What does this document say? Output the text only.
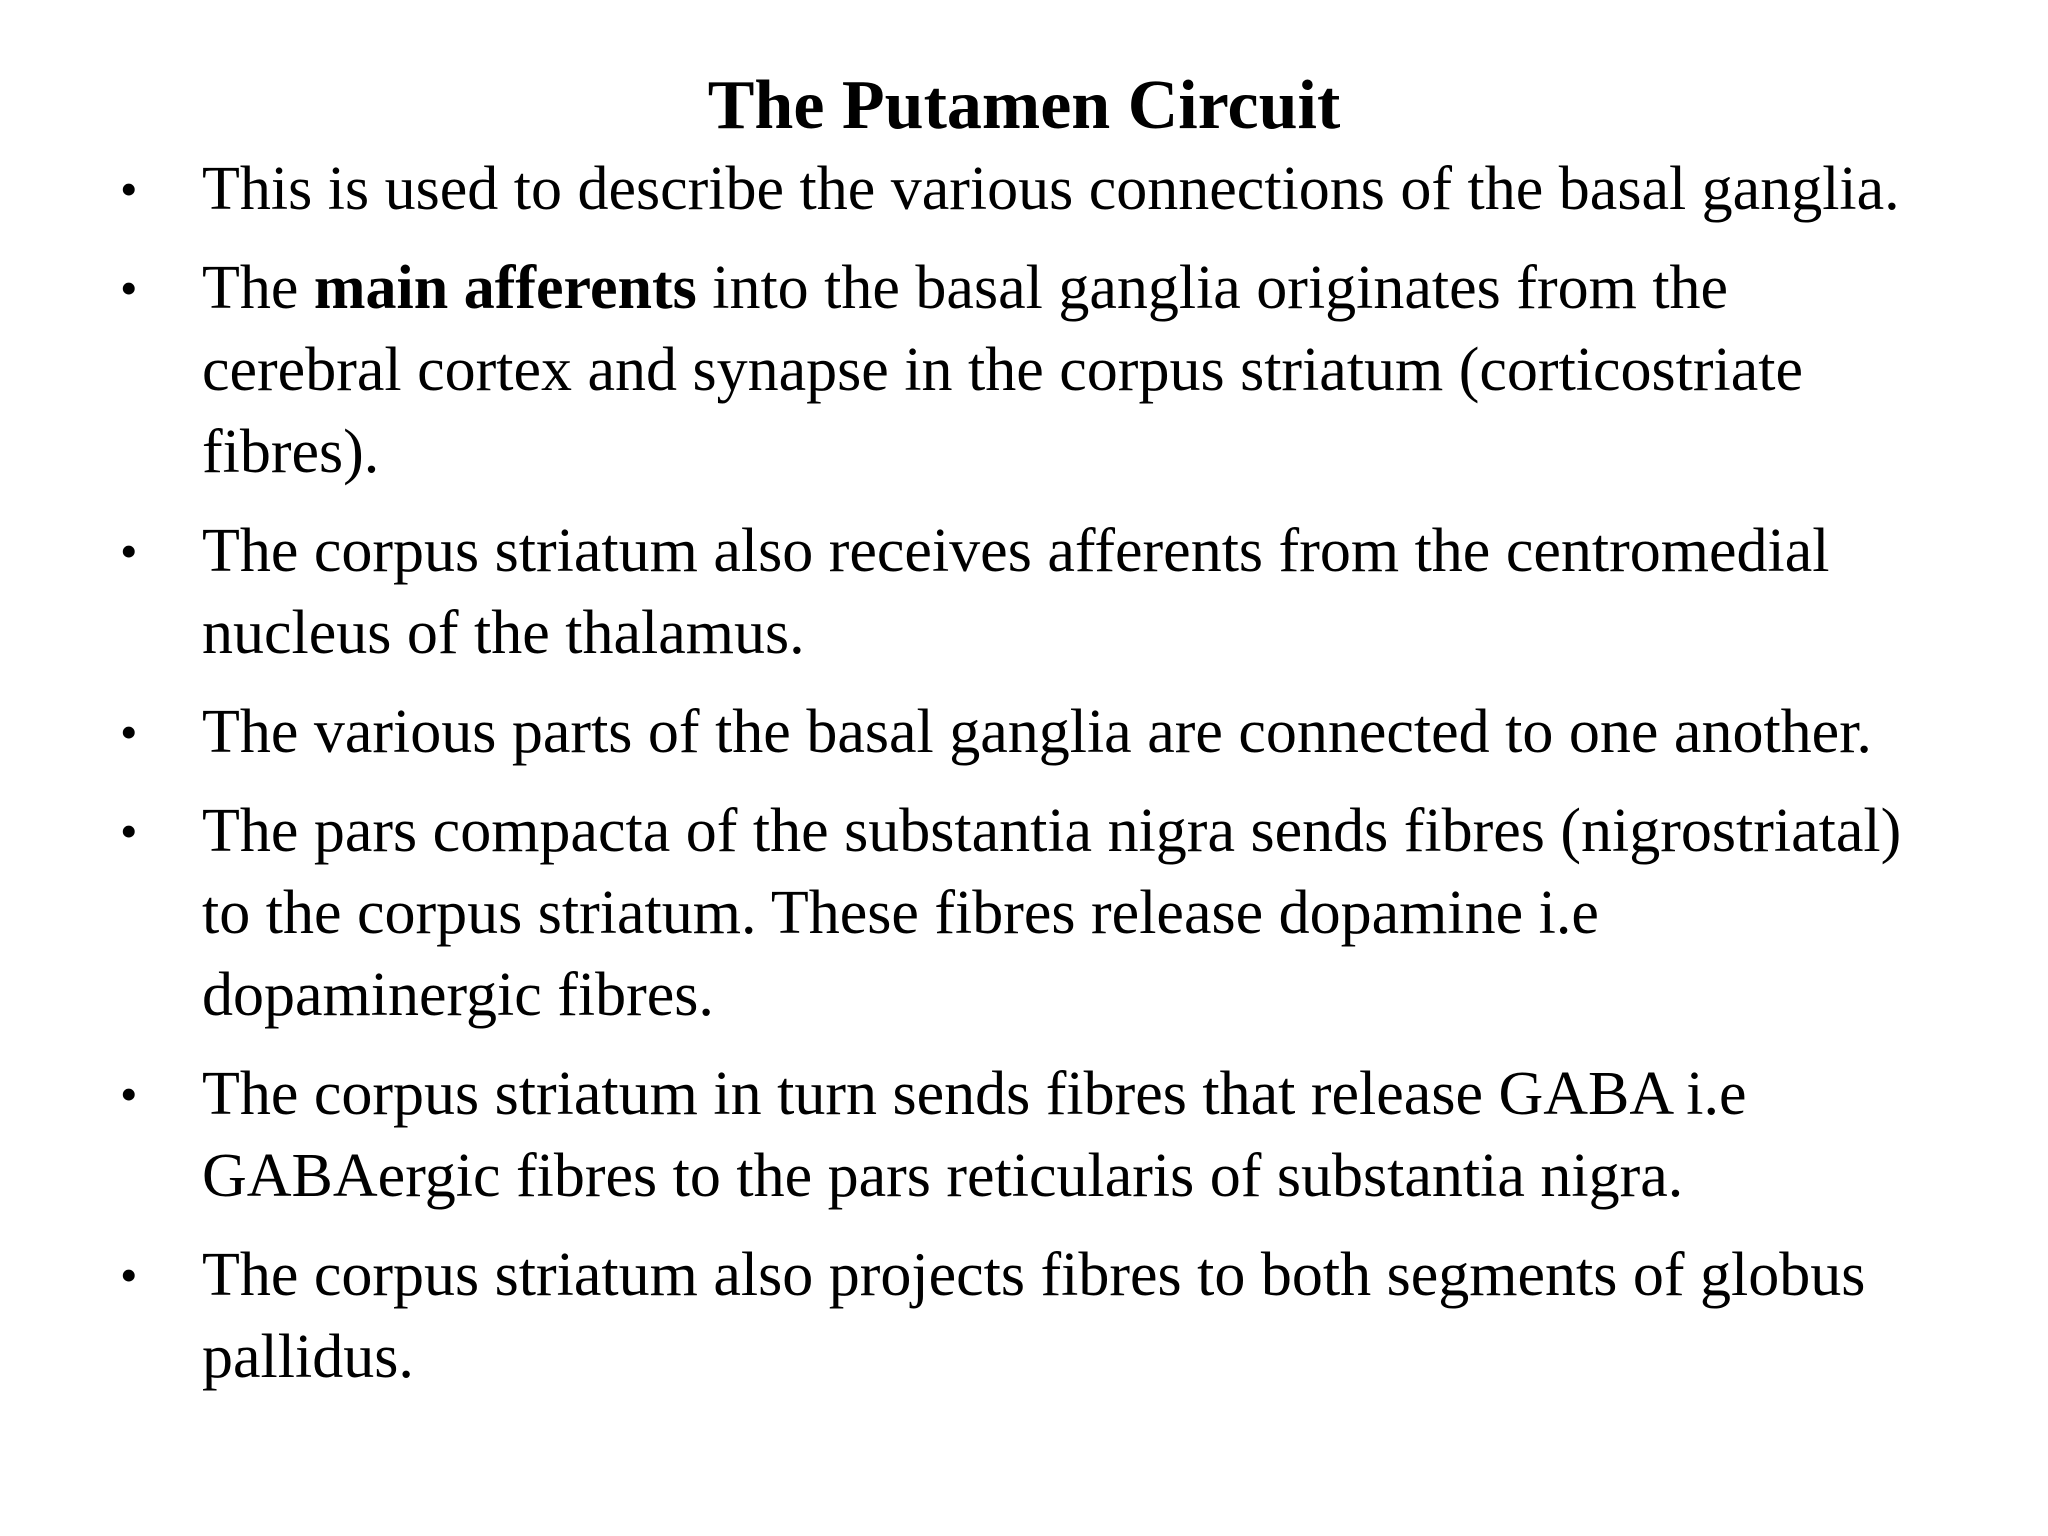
The Putamen Circuit
• This is used to describe the various connections of the basal ganglia.
• The main afferents into the basal ganglia originates from the cerebral cortex and synapse in the corpus striatum (corticostriate fibres).
• The corpus striatum also receives afferents from the centromedial nucleus of the thalamus.
• The various parts of the basal ganglia are connected to one another.
• The pars compacta of the substantia nigra sends fibres (nigrostriatal) to the corpus striatum. These fibres release dopamine i.e dopaminergic fibres.
• The corpus striatum in turn sends fibres that release GABA i.e GABAergic fibres to the pars reticularis of substantia nigra.
• The corpus striatum also projects fibres to both segments of globus pallidus.
